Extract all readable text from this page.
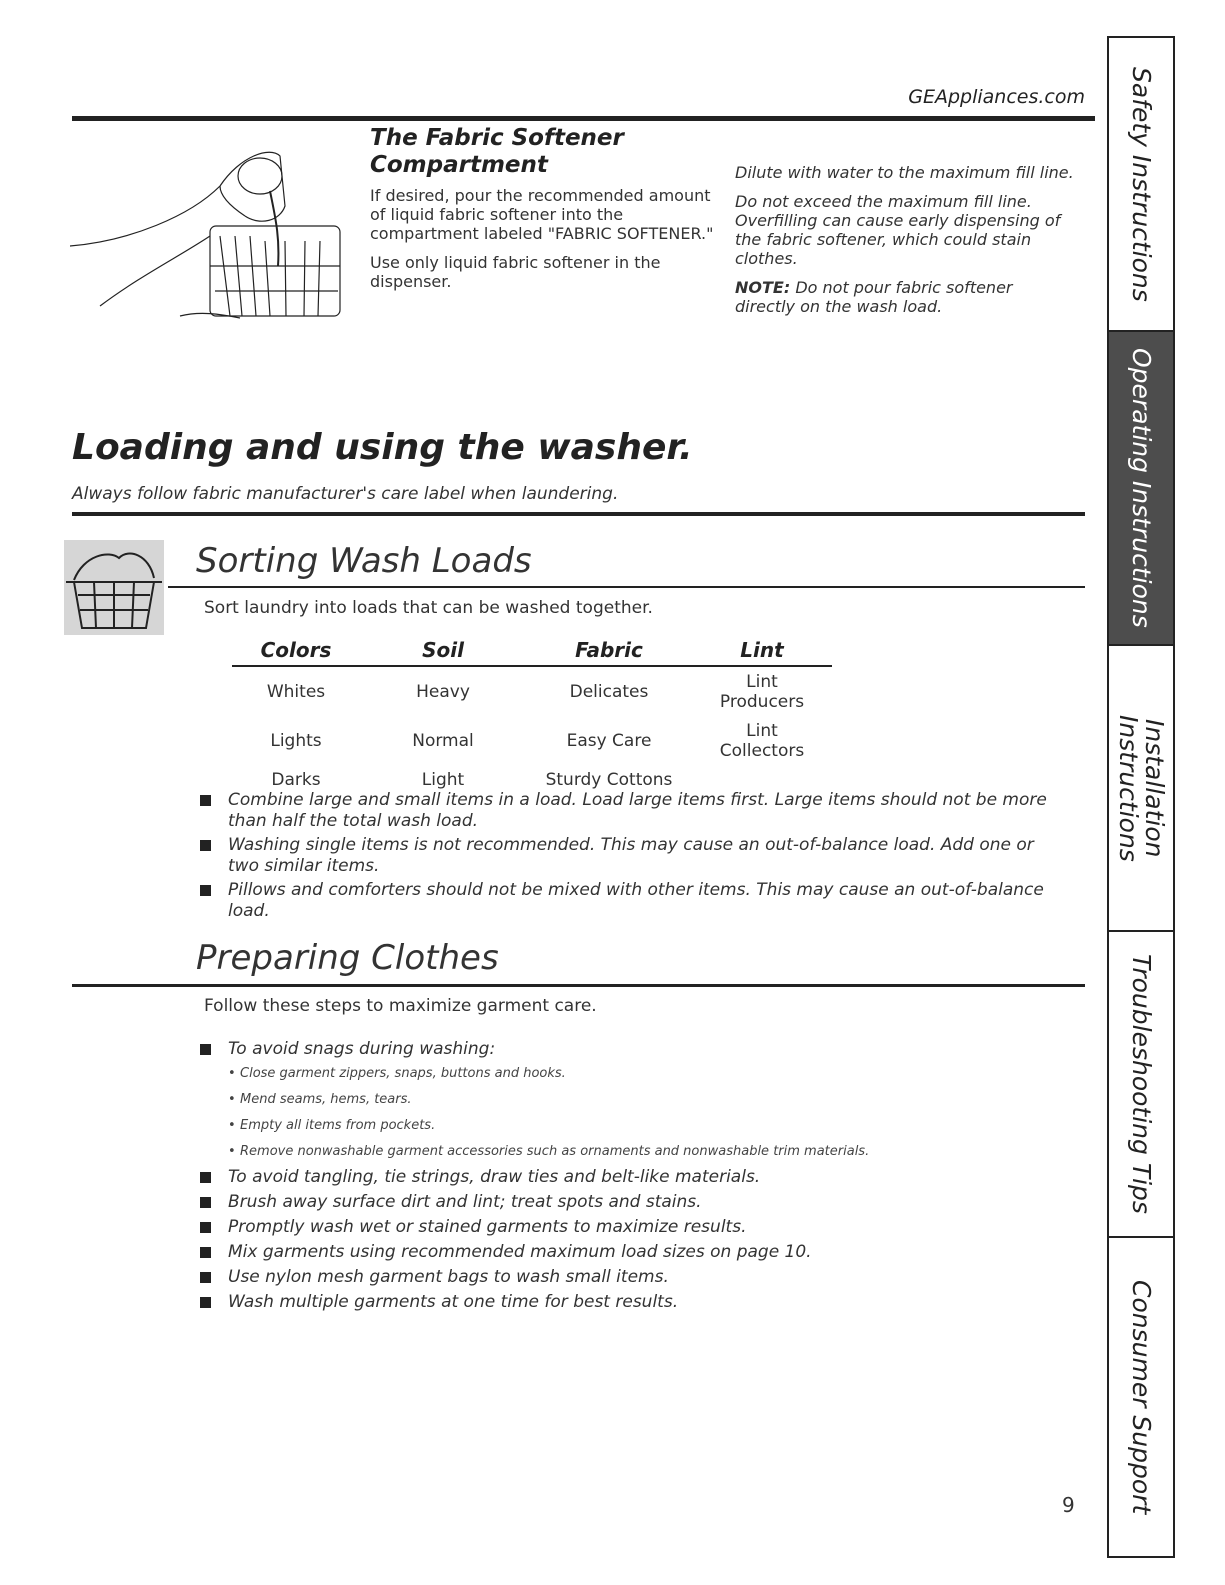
GEAppliances.com
The Fabric Softener Compartment

If desired, pour the recommended amount of liquid fabric softener into the compartment labeled "FABRIC SOFTENER."

Use only liquid fabric softener in the dispenser.

Dilute with water to the maximum fill line.

Do not exceed the maximum fill line. Overfilling can cause early dispensing of the fabric softener, which could stain clothes.

NOTE: Do not pour fabric softener directly on the wash load.

Loading and using the washer.
Always follow fabric manufacturer's care label when laundering.
Sorting Wash Loads
Sort laundry into loads that can be washed together.
Colors	Soil	Fabric	Lint
Whites	Heavy	Delicates	Lint Producers
Lights	Normal	Easy Care	Lint Collectors
Darks	Light	Sturdy Cottons	
Combine large and small items in a load. Load large items first. Large items should not be more than half the total wash load.
Washing single items is not recommended. This may cause an out-of-balance load. Add one or two similar items.
Pillows and comforters should not be mixed with other items. This may cause an out-of-balance load.
Preparing Clothes
Follow these steps to maximize garment care.
To avoid snags during washing:
• Close garment zippers, snaps, buttons and hooks.
• Mend seams, hems, tears.
• Empty all items from pockets.
• Remove nonwashable garment accessories such as ornaments and nonwashable trim materials.
To avoid tangling, tie strings, draw ties and belt-like materials.
Brush away surface dirt and lint; treat spots and stains.
Promptly wash wet or stained garments to maximize results.
Mix garments using recommended maximum load sizes on page 10.
Use nylon mesh garment bags to wash small items.
Wash multiple garments at one time for best results.
9
Safety Instructions
Operating Instructions
Installation
Instructions
Troubleshooting Tips
Consumer Support
